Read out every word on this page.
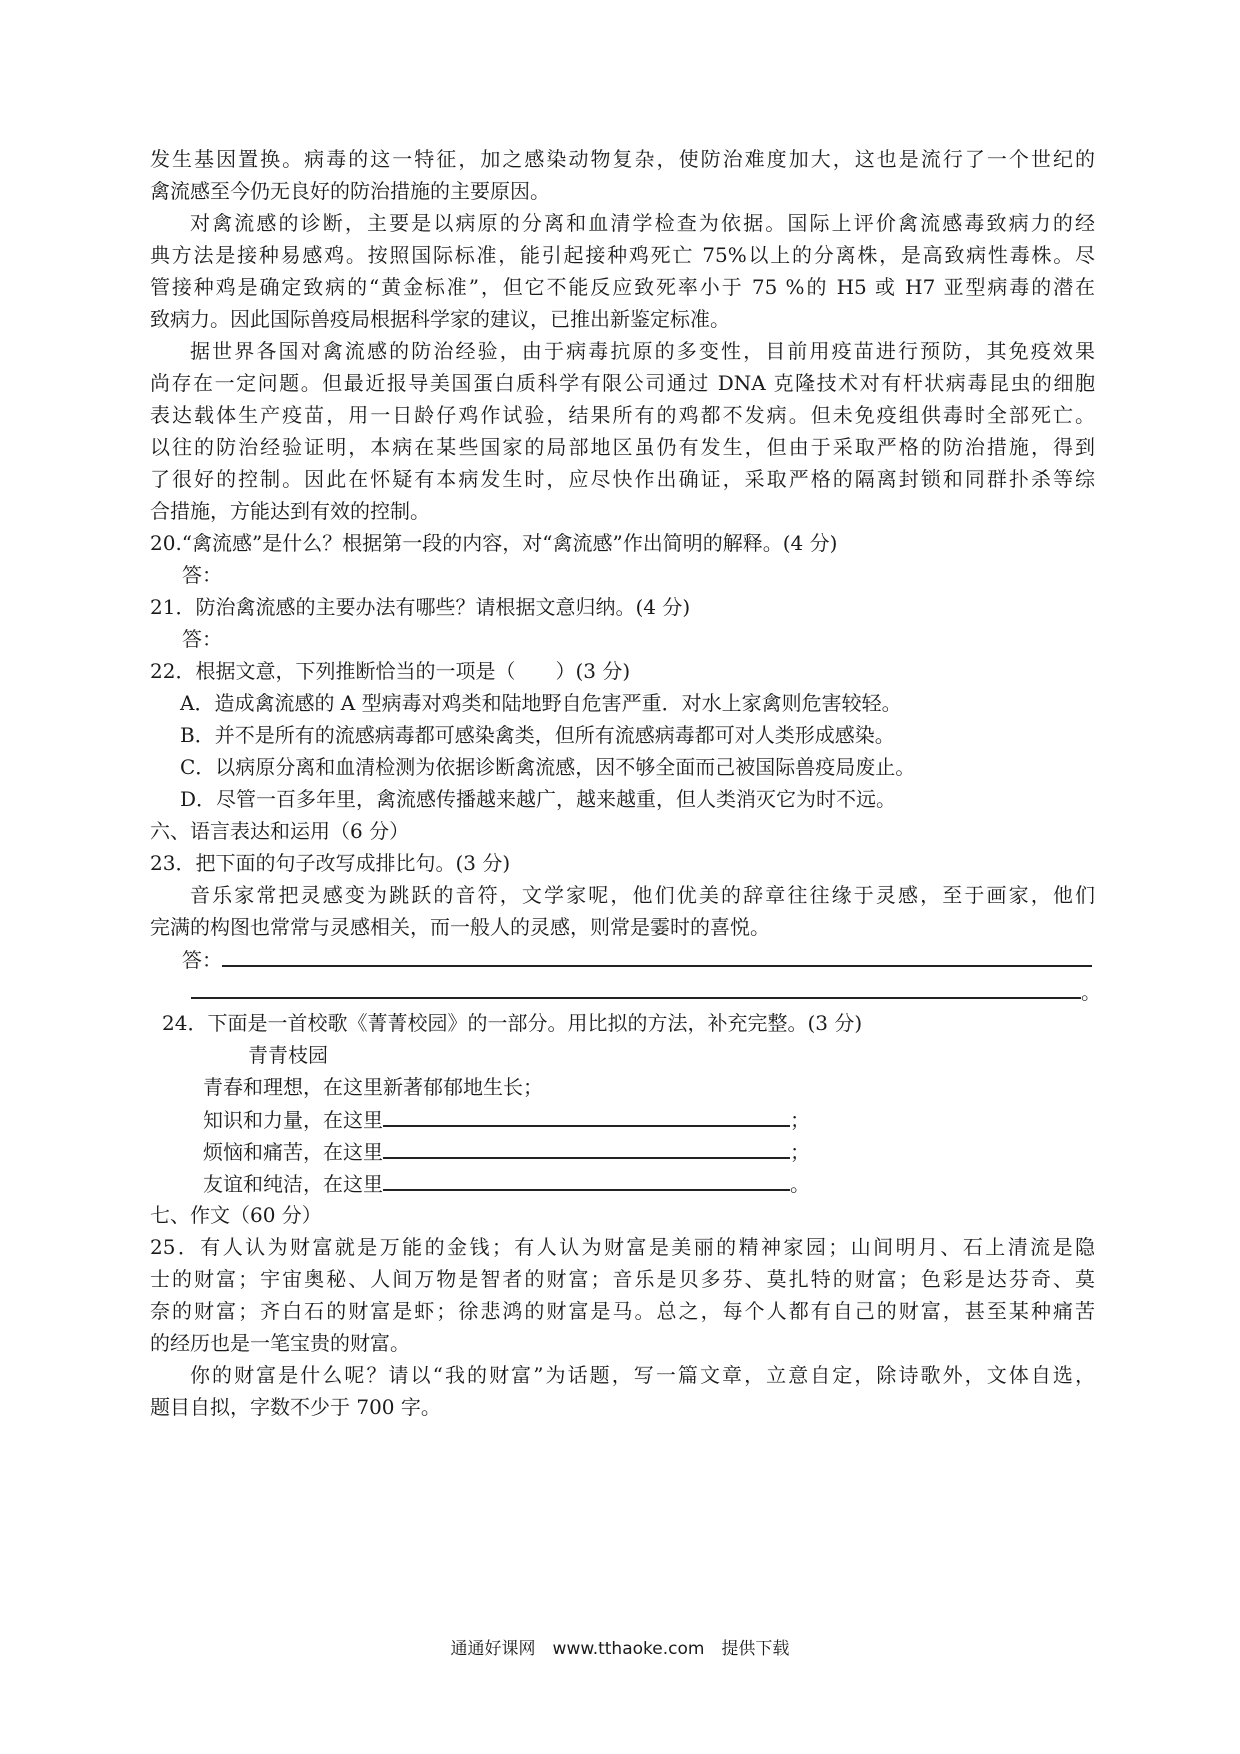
发生基因置换。病毒的这一特征，加之感染动物复杂，使防治难度加大，这也是流行了一个世纪的
禽流感至今仍无良好的防治措施的主要原因。
对禽流感的诊断，主要是以病原的分离和血清学检查为依据。国际上评价禽流感毒致病力的经
典方法是接种易感鸡。按照国际标准，能引起接种鸡死亡 75%以上的分离株，是高致病性毒株。尽
管接种鸡是确定致病的“黄金标准”，但它不能反应致死率小于 75 %的 H5 或 H7 亚型病毒的潜在
致病力。因此国际兽疫局根据科学家的建议，已推出新鉴定标准。
据世界各国对禽流感的防治经验，由于病毒抗原的多变性，目前用疫苗进行预防，其免疫效果
尚存在一定问题。但最近报导美国蛋白质科学有限公司通过 DNA 克隆技术对有杆状病毒昆虫的细胞
表达载体生产疫苗，用一日龄仔鸡作试验，结果所有的鸡都不发病。但未免疫组供毒时全部死亡。
以往的防治经验证明，本病在某些国家的局部地区虽仍有发生，但由于采取严格的防治措施，得到
了很好的控制。因此在怀疑有本病发生时，应尽快作出确证，采取严格的隔离封锁和同群扑杀等综
合措施，方能达到有效的控制。
20.“禽流感”是什么？根据第一段的内容，对“禽流感”作出简明的解释。(4 分)
答：
21．防治禽流感的主要办法有哪些？请根据文意归纳。(4 分)
答：
22．根据文意，下列推断恰当的一项是（　　）(3 分)
A．造成禽流感的 A 型病毒对鸡类和陆地野自危害严重．对水上家禽则危害较轻。
B．并不是所有的流感病毒都可感染禽类，但所有流感病毒都可对人类形成感染。
C．以病原分离和血清检测为依据诊断禽流感，因不够全面而己被国际兽疫局废止。
D．尽管一百多年里，禽流感传播越来越广，越来越重，但人类消灭它为时不远。
六、语言表达和运用（6 分）
23．把下面的句子改写成排比句。(3 分)
音乐家常把灵感变为跳跃的音符，文学家呢，他们优美的辞章往往缘于灵感，至于画家，他们
完满的构图也常常与灵感相关，而一般人的灵感，则常是霎时的喜悦。
答：
。
24．下面是一首校歌《菁菁校园》的一部分。用比拟的方法，补充完整。(3 分)
青青枝园
青春和理想，在这里新著郁郁地生长；
知识和力量，在这里	；
烦恼和痛苦，在这里	；
友谊和纯洁，在这里	。
七、作文（60 分）
25．有人认为财富就是万能的金钱；有人认为财富是美丽的精神家园；山间明月、石上清流是隐
士的财富；宇宙奥秘、人间万物是智者的财富；音乐是贝多芬、莫扎特的财富；色彩是达芬奇、莫
奈的财富；齐白石的财富是虾；徐悲鸿的财富是马。总之，每个人都有自己的财富，甚至某种痛苦
的经历也是一笔宝贵的财富。
你的财富是什么呢？请以“我的财富”为话题，写一篇文章，立意自定，除诗歌外，文体自选，
题目自拟，字数不少于 700 字。
通通好课网　www.tthaoke.com　提供下载
